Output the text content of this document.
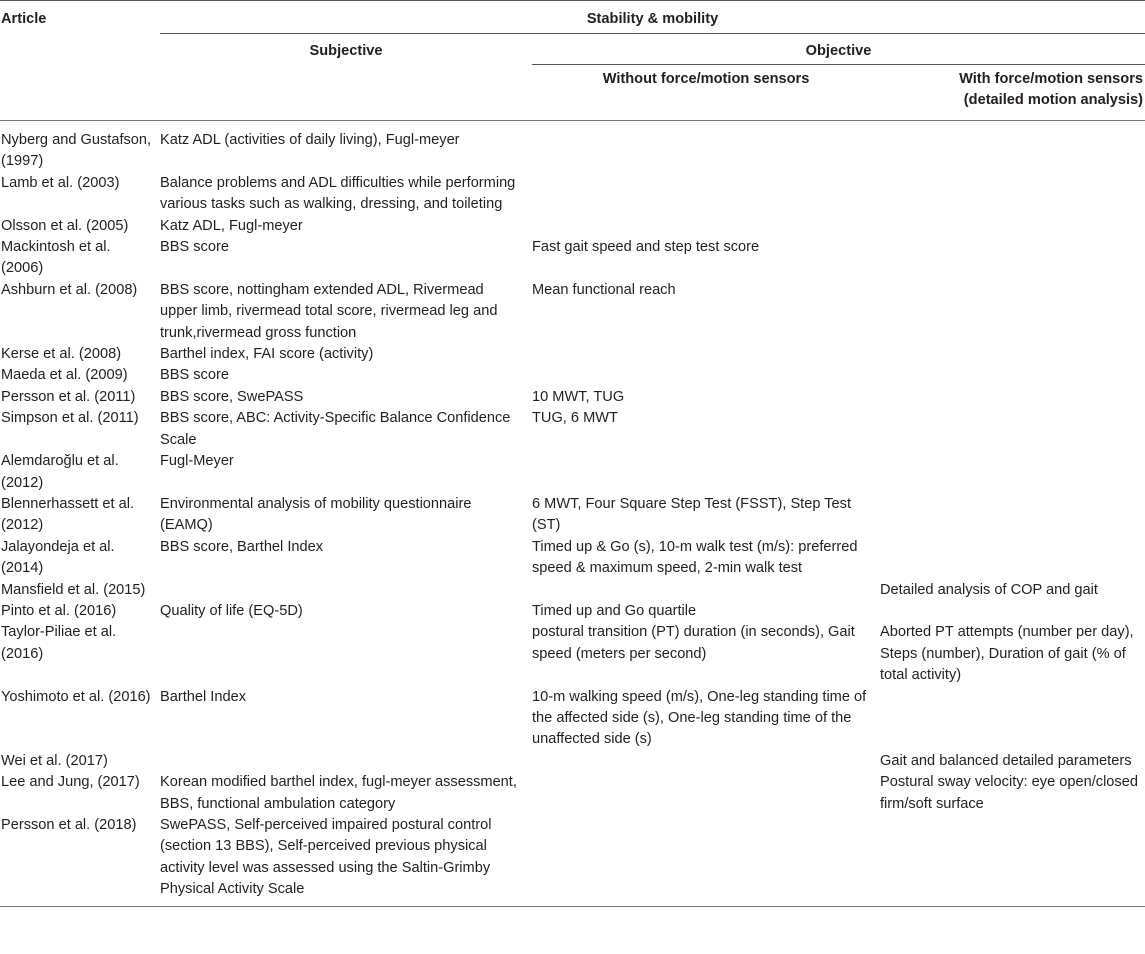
Article	Stability & mobility		
	Subjective	Objective	
		Without force/motion sensors	With force/motion sensors
(detailed motion analysis)
Nyberg and Gustafson, (1997)	Katz ADL (activities of daily living), Fugl-meyer		
Lamb et al. (2003)	Balance problems and ADL difficulties while performing various tasks such as walking, dressing, and toileting		
Olsson et al. (2005)	Katz ADL, Fugl-meyer		
Mackintosh et al. (2006)	BBS score	Fast gait speed and step test score	
Ashburn et al. (2008)	BBS score, nottingham extended ADL, Rivermead upper limb, rivermead total score, rivermead leg and trunk,rivermead gross function	Mean functional reach	
Kerse et al. (2008)	Barthel index, FAI score (activity)		
Maeda et al. (2009)	BBS score		
Persson et al. (2011)	BBS score, SwePASS	10 MWT, TUG	
Simpson et al. (2011)	BBS score, ABC: Activity-Specific Balance Confidence Scale	TUG, 6 MWT	
Alemdaroğlu et al. (2012)	Fugl-Meyer		
Blennerhassett et al. (2012)	Environmental analysis of mobility questionnaire (EAMQ)	6 MWT, Four Square Step Test (FSST), Step Test (ST)	
Jalayondeja et al. (2014)	BBS score, Barthel Index	Timed up & Go (s), 10-m walk test (m/s): preferred speed & maximum speed, 2-min walk test	
Mansfield et al. (2015)			Detailed analysis of COP and gait
Pinto et al. (2016)	Quality of life (EQ-5D)	Timed up and Go quartile	
Taylor-Piliae et al. (2016)		postural transition (PT) duration (in seconds), Gait speed (meters per second)	Aborted PT attempts (number per day), Steps (number), Duration of gait (% of total activity)
Yoshimoto et al. (2016)	Barthel Index	10-m walking speed (m/s), One-leg standing time of the affected side (s), One-leg standing time of the unaffected side (s)	
Wei et al. (2017)			Gait and balanced detailed parameters
Lee and Jung, (2017)	Korean modified barthel index, fugl-meyer assessment, BBS, functional ambulation category		Postural sway velocity: eye open/closed firm/soft surface
Persson et al. (2018)	SwePASS, Self-perceived impaired postural control (section 13 BBS), Self-perceived previous physical activity level was assessed using the Saltin-Grimby Physical Activity Scale		
